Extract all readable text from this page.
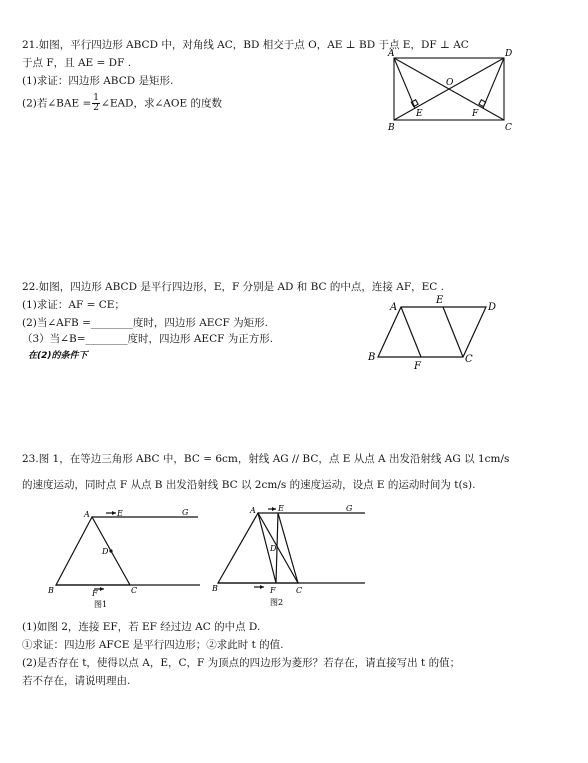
21.如图，平行四边形 ABCD 中，对角线 AC，BD 相交于点 O，AE ⊥ BD 于点 E，DF ⊥ AC
于点 F，且 AE = DF .
(1)求证：四边形 ABCD 是矩形.
(2)若∠BAE = $\frac{1}{2}$ ∠EAD，求∠AOE 的度数
A	D
O
E	F
B	C
22.如图，四边形 ABCD 是平行四边形，E，F 分别是 AD 和 BC 的中点，连接 AF，EC .
(1)求证：AF = CE；
(2)当∠AFB =________度时，四边形 AECF 为矩形.
（3）当∠B=________度时，四边形 AECF 为正方形.
在(2)的条件下
A
E
D
B
F
C
23.图 1，在等边三角形 ABC 中，BC = 6cm，射线 AG // BC，点 E 从点 A 出发沿射线 AG 以 1cm/s
的速度运动，同时点 F 从点 B 出发沿射线 BC 以 2cm/s 的速度运动，设点 E 的运动时间为 t(s).
A	E	G
D
B	F	C
图1
A	E	G
D
B	F	C
图2
(1)如图 2，连接 EF，若 EF 经过边 AC 的中点 D.
①求证：四边形 AFCE 是平行四边形；②求此时 t 的值.
(2)是否存在 t，使得以点 A，E，C，F 为顶点的四边形为菱形？若存在，请直接写出 t 的值；
若不存在，请说明理由.
